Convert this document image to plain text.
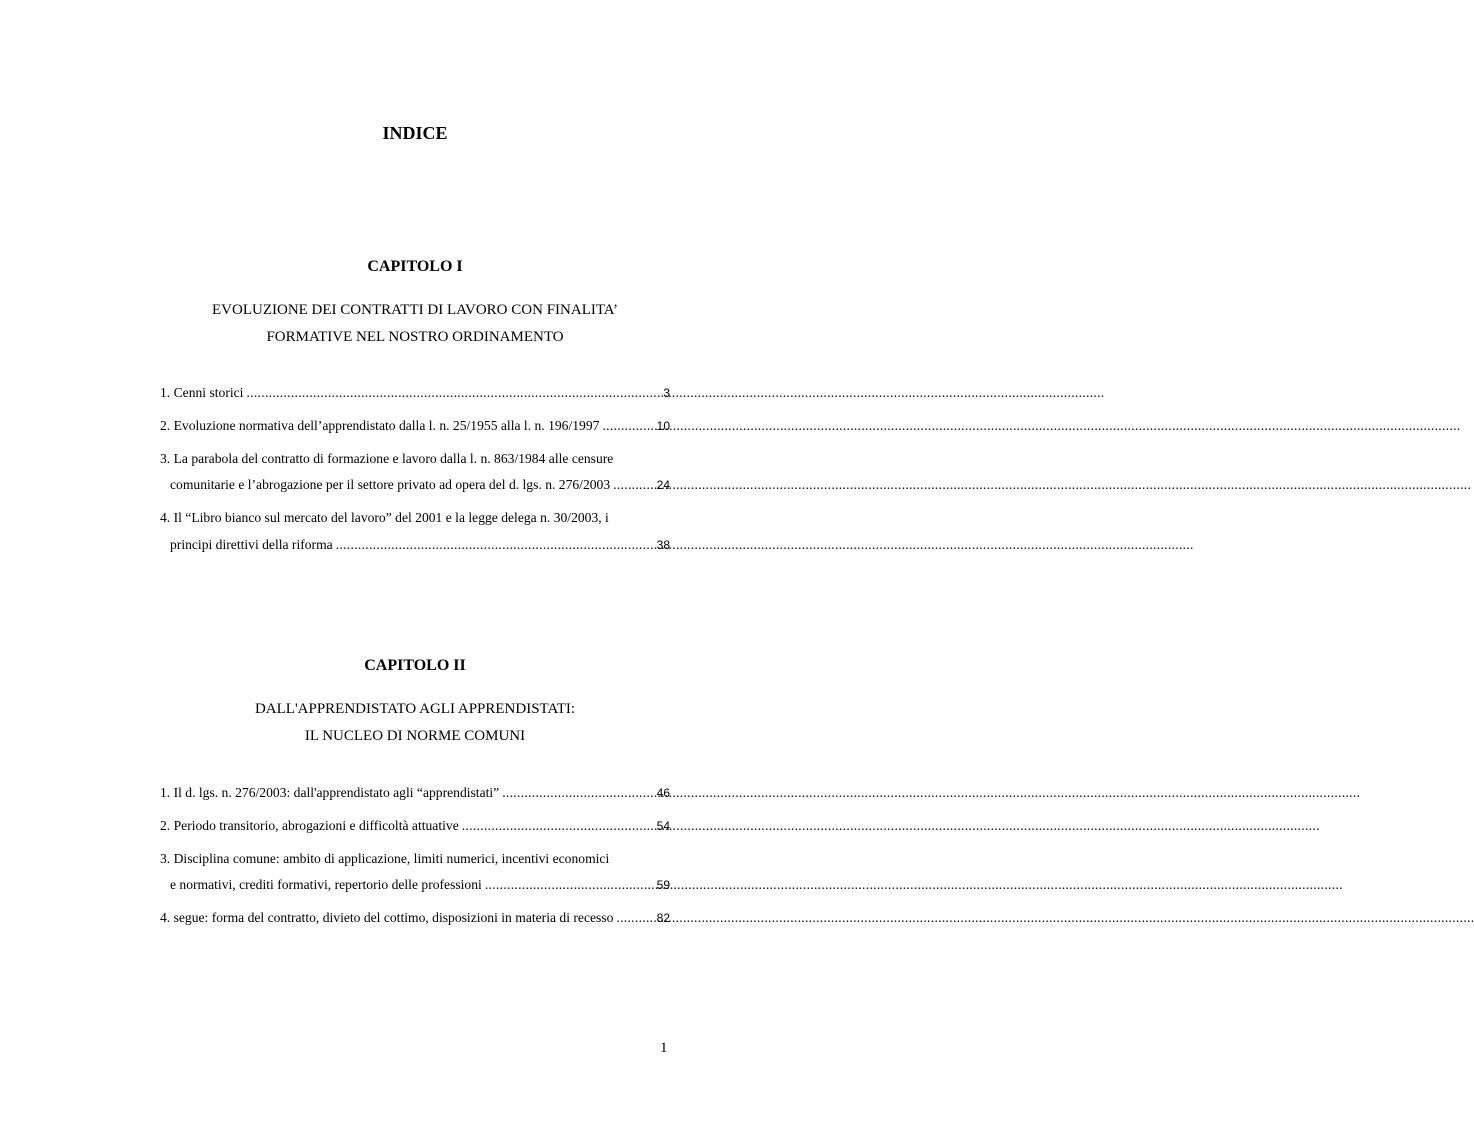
INDICE
CAPITOLO I
EVOLUZIONE DEI CONTRATTI DI LAVORO CON FINALITA’
FORMATIVE NEL NOSTRO ORDINAMENTO
1. Cenni storici .....	3
2. Evoluzione normativa dell’apprendistato dalla l. n. 25/1955 alla l. n. 196/1997 .....	10
3. La parabola del contratto di formazione e lavoro dalla l. n. 863/1984 alle censure
comunitarie e l’abrogazione per il settore privato ad opera del d. lgs. n. 276/2003 .....	24
4. Il “Libro bianco sul mercato del lavoro” del 2001 e la legge delega n. 30/2003, i
principi direttivi della riforma .....	38
CAPITOLO II
DALL'APPRENDISTATO AGLI APPRENDISTATI:
IL NUCLEO DI NORME COMUNI
1. Il d. lgs. n. 276/2003: dall'apprendistato agli “apprendistati” .....	46
2. Periodo transitorio, abrogazioni e difficoltà attuative .....	54
3. Disciplina comune: ambito di applicazione, limiti numerici, incentivi economici
e normativi, crediti formativi, repertorio delle professioni .....	59
4. segue: forma del contratto, divieto del cottimo, disposizioni in materia di recesso .....	82
1
